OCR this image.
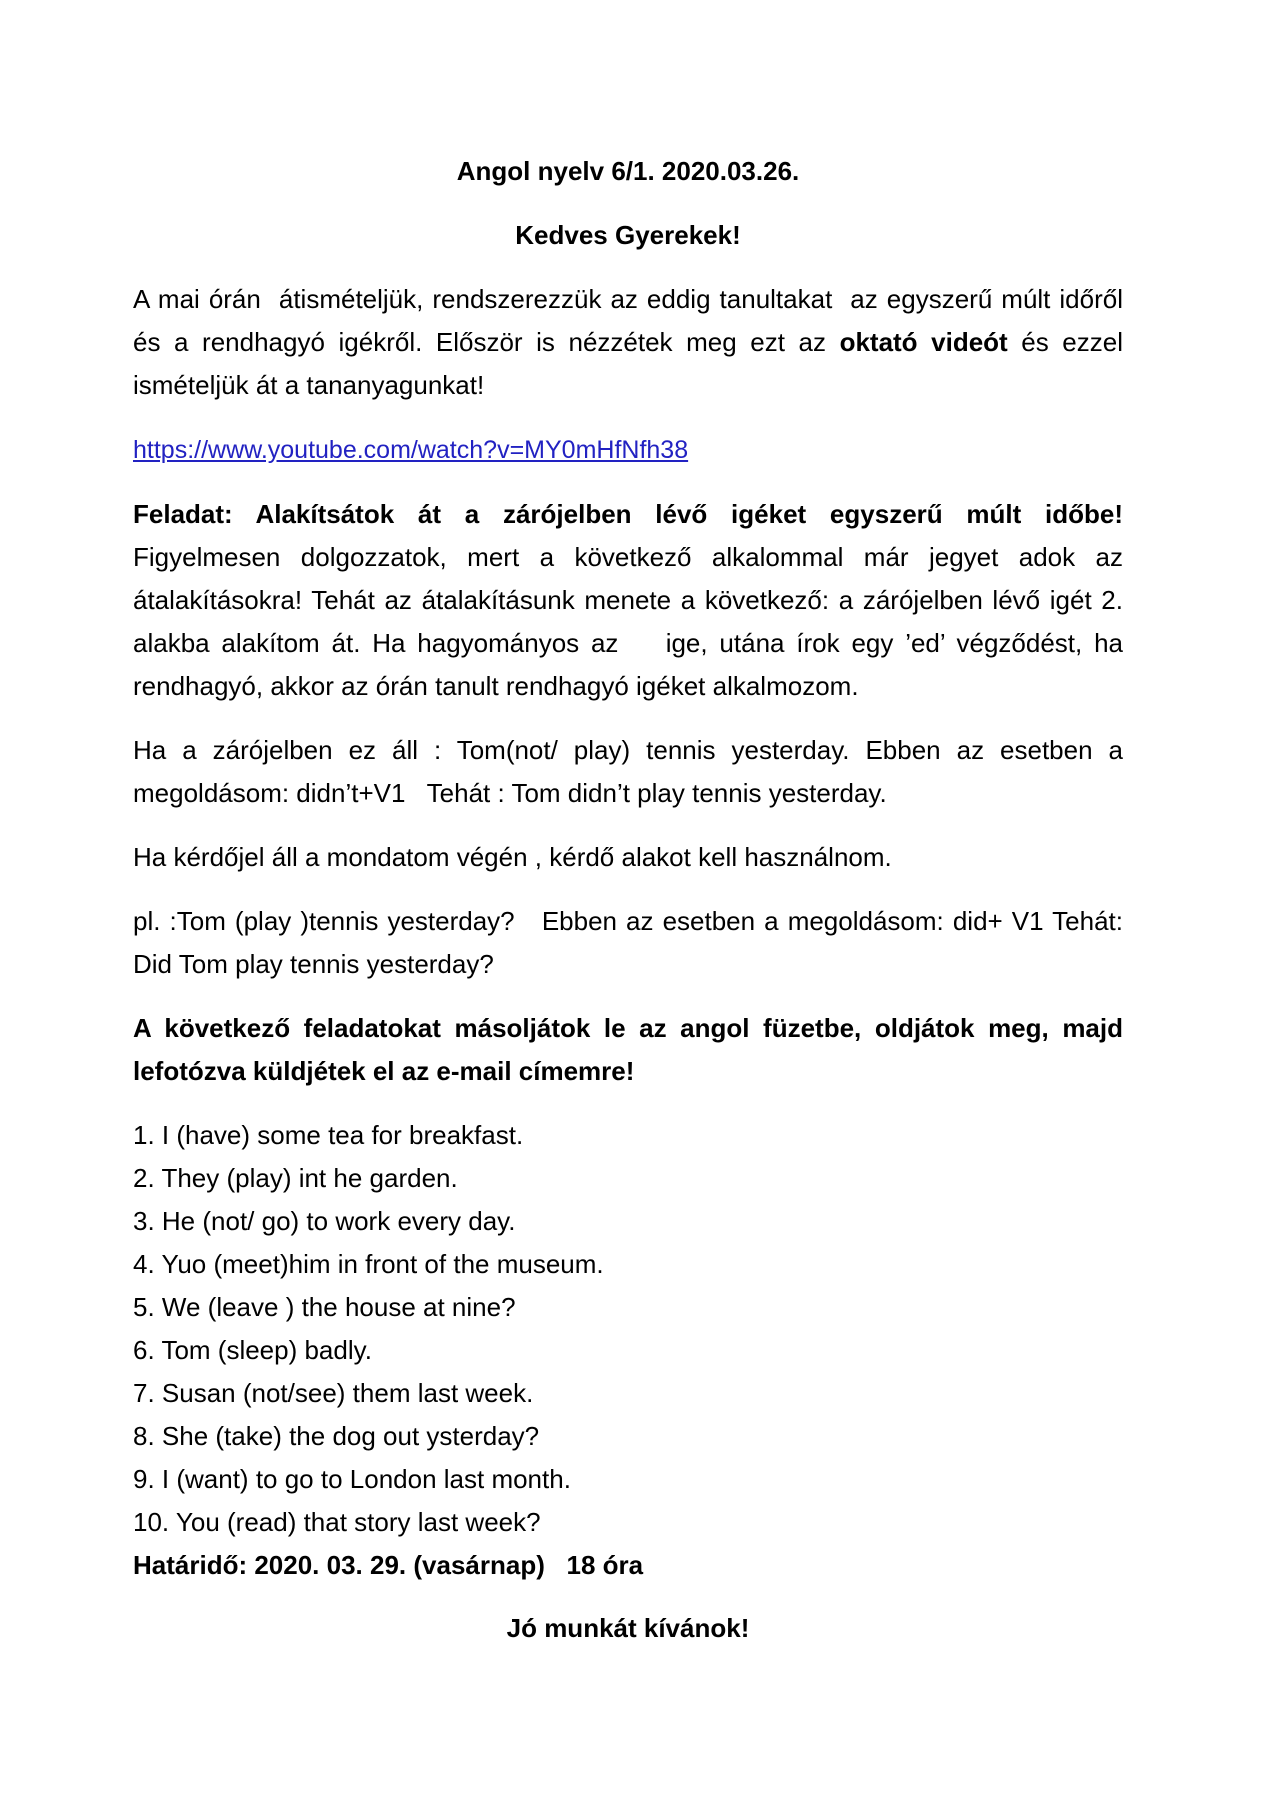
Angol nyelv 6/1. 2020.03.26.

Kedves Gyerekek!

A mai órán  átismételjük, rendszerezzük az eddig tanultakat  az egyszerű múlt időről és a rendhagyó igékről. Először is nézzétek meg ezt az oktató videót és ezzel ismételjük át a tananyagunkat!

https://www.youtube.com/watch?v=MY0mHfNfh38

Feladat: Alakítsátok át a zárójelben lévő igéket egyszerű múlt időbe! Figyelmesen dolgozzatok, mert a következő alkalommal már jegyet adok az átalakításokra! Tehát az átalakításunk menete a következő: a zárójelben lévő igét 2. alakba alakítom át. Ha hagyományos az    ige, utána írok egy ’ed’ végződést, ha rendhagyó, akkor az órán tanult rendhagyó igéket alkalmozom.

Ha a zárójelben ez áll : Tom(not/ play) tennis yesterday. Ebben az esetben a megoldásom: didn’t+V1   Tehát : Tom didn’t play tennis yesterday.

Ha kérdőjel áll a mondatom végén , kérdő alakot kell használnom.

pl. :Tom (play )tennis yesterday?   Ebben az esetben a megoldásom: did+ V1 Tehát:  Did Tom play tennis yesterday?

A következő feladatokat másoljátok le az angol füzetbe, oldjátok meg, majd lefotózva küldjétek el az e-mail címemre!

1. I (have) some tea for breakfast.

2. They (play) int he garden.

3. He (not/ go) to work every day.

4. Yuo (meet)him in front of the museum.

5. We (leave ) the house at nine?

6. Tom (sleep) badly.

7. Susan (not/see) them last week.

8. She (take) the dog out ysterday?

9. I (want) to go to London last month.

10. You (read) that story last week?

Határidő: 2020. 03. 29. (vasárnap)   18 óra

Jó munkát kívánok!
